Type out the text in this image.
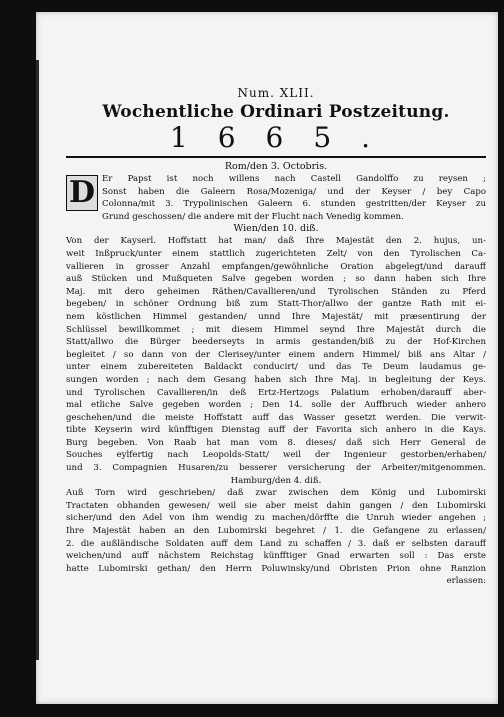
Num. XLII.

Wochentliche Ordinari Postzeitung.

1665.

Rom/den 3. Octobris.

D Er Papst ist noch willens nach Castell Gandolffo zu reysen ;
Sonst haben die Galeern Rosa/Mozeniga/ und der Keyser / bey Capo
Colonna/mit 3. Trypolinischen Galeern 6. stunden gestritten/der Keyser zu
Grund geschossen/ die andere mit der Flucht nach Venedig kommen.

Wien/den 10. diß.

Von der Kayserl. Hoffstatt hat man/ daß Ihre Majestät den 2. hujus, un-
weit Inßpruck/unter einem stattlich zugerichteten Zelt/ von den Tyrolischen Ca-
vallieren in grosser Anzahl empfangen/gewöhnliche Oration abgelegt/und darauff
auß Stücken und Mußqueten Salve gegeben worden ; so dann haben sich Ihre
Maj. mit dero geheimen Räthen/Cavallieren/und Tyrolischen Ständen zu Pferd
begeben/ in schöner Ordnung biß zum Statt-Thor/allwo der gantze Rath mit ei-
nem köstlichen Himmel gestanden/ unnd Ihre Majestät/ mit præsentirung der
Schlüssel bewillkommet ; mit diesem Himmel seynd Ihre Majestät durch die
Statt/allwo die Bürger beederseyts in armis gestanden/biß zu der Hof-Kirchen
begleitet / so dann von der Clerisey/unter einem andern Himmel/ biß ans Altar /
unter einem zubereiteten Baldackt conducirt/ und das Te Deum laudamus ge-
sungen worden ; nach dem Gesang haben sich Ihre Maj. in begleitung der Keys.
und Tyrolischen Cavallieren/in deß Ertz-Hertzogs Palatium erhoben/darauff aber-
mal etliche Salve gegeben worden ; Den 14. solle der Auffbruch wieder anhero
geschehen/und die meiste Hoffstatt auff das Wasser gesetzt werden. Die verwit-
tibte Keyserin wird künfftigen Dienstag auff der Favorita sich anhero in die Kays.
Burg begeben. Von Raab hat man vom 8. dieses/ daß sich Herr General de
Souches eylfertig nach Leopolds-Statt/ weil der Ingenieur gestorben/erhaben/
und 3. Compagnien Husaren/zu besserer versicherung der Arbeiter/mitgenommen.
Hamburg/den 4. diß.
Auß Torn wird geschrieben/ daß zwar zwischen dem König und Lubomirski
Tractaten obhanden gewesen/ weil sie aber meist dahin gangen / den Lubomirski
sicher/und den Adel von ihm wendig zu machen/dörffte die Unruh wieder angehen ;
Ihre Majestät haben an den Lubomirski begehret / 1. die Gefangene zu erlassen/
2. die außländische Soldaten auff dem Land zu schaffen / 3. daß er selbsten darauff
weichen/und auff nächstem Reichstag künfftiger Gnad erwarten soll : Das erste
hatte Lubomirski gethan/ den Herrn Poluwinsky/und Obristen Prion ohne Ranzion
erlassen:
